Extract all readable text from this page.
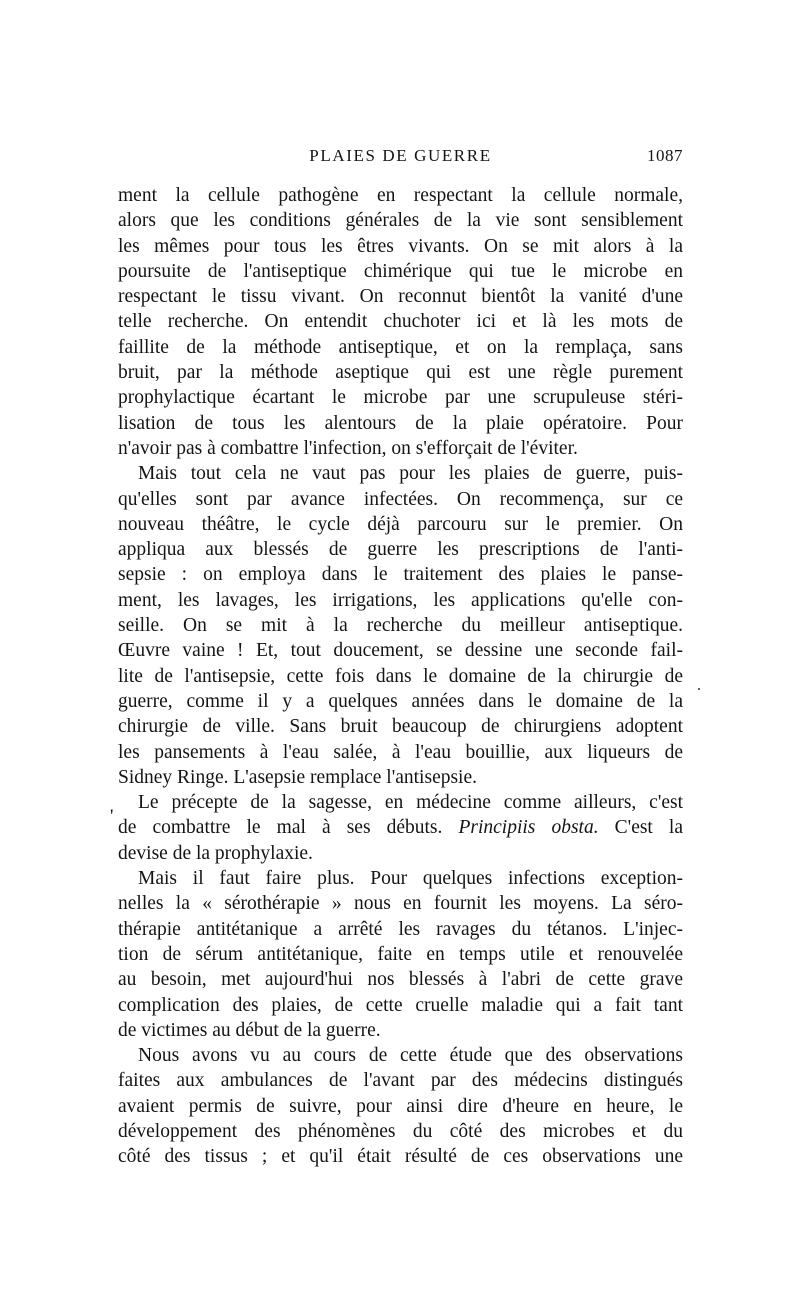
PLAIES DE GUERRE	1087
'
ment la cellule pathogène en respectant la cellule normale,
alors que les conditions générales de la vie sont sensiblement
les mêmes pour tous les êtres vivants. On se mit alors à la
poursuite de l'antiseptique chimérique qui tue le microbe en
respectant le tissu vivant. On reconnut bientôt la vanité d'une
telle recherche. On entendit chuchoter ici et là les mots de
faillite de la méthode antiseptique, et on la remplaça, sans
bruit, par la méthode aseptique qui est une règle purement
prophylactique écartant le microbe par une scrupuleuse stéri-
lisation de tous les alentours de la plaie opératoire. Pour
n'avoir pas à combattre l'infection, on s'efforçait de l'éviter.
Mais tout cela ne vaut pas pour les plaies de guerre, puis-
qu'elles sont par avance infectées. On recommença, sur ce
nouveau théâtre, le cycle déjà parcouru sur le premier. On
appliqua aux blessés de guerre les prescriptions de l'anti-
sepsie : on employa dans le traitement des plaies le panse-
ment, les lavages, les irrigations, les applications qu'elle con-
seille. On se mit à la recherche du meilleur antiseptique.
Œuvre vaine ! Et, tout doucement, se dessine une seconde fail-
lite de l'antisepsie, cette fois dans le domaine de la chirurgie de
guerre, comme il y a quelques années dans le domaine de la
chirurgie de ville. Sans bruit beaucoup de chirurgiens adoptent
les pansements à l'eau salée, à l'eau bouillie, aux liqueurs de
Sidney Ringe. L'asepsie remplace l'antisepsie.
Le précepte de la sagesse, en médecine comme ailleurs, c'est
de combattre le mal à ses débuts. Principiis obsta. C'est la
devise de la prophylaxie.
Mais il faut faire plus. Pour quelques infections exception-
nelles la « sérothérapie » nous en fournit les moyens. La séro-
thérapie antitétanique a arrêté les ravages du tétanos. L'injec-
tion de sérum antitétanique, faite en temps utile et renouvelée
au besoin, met aujourd'hui nos blessés à l'abri de cette grave
complication des plaies, de cette cruelle maladie qui a fait tant
de victimes au début de la guerre.
Nous avons vu au cours de cette étude que des observations
faites aux ambulances de l'avant par des médecins distingués
avaient permis de suivre, pour ainsi dire d'heure en heure, le
développement des phénomènes du côté des microbes et du
côté des tissus ; et qu'il était résulté de ces observations une
